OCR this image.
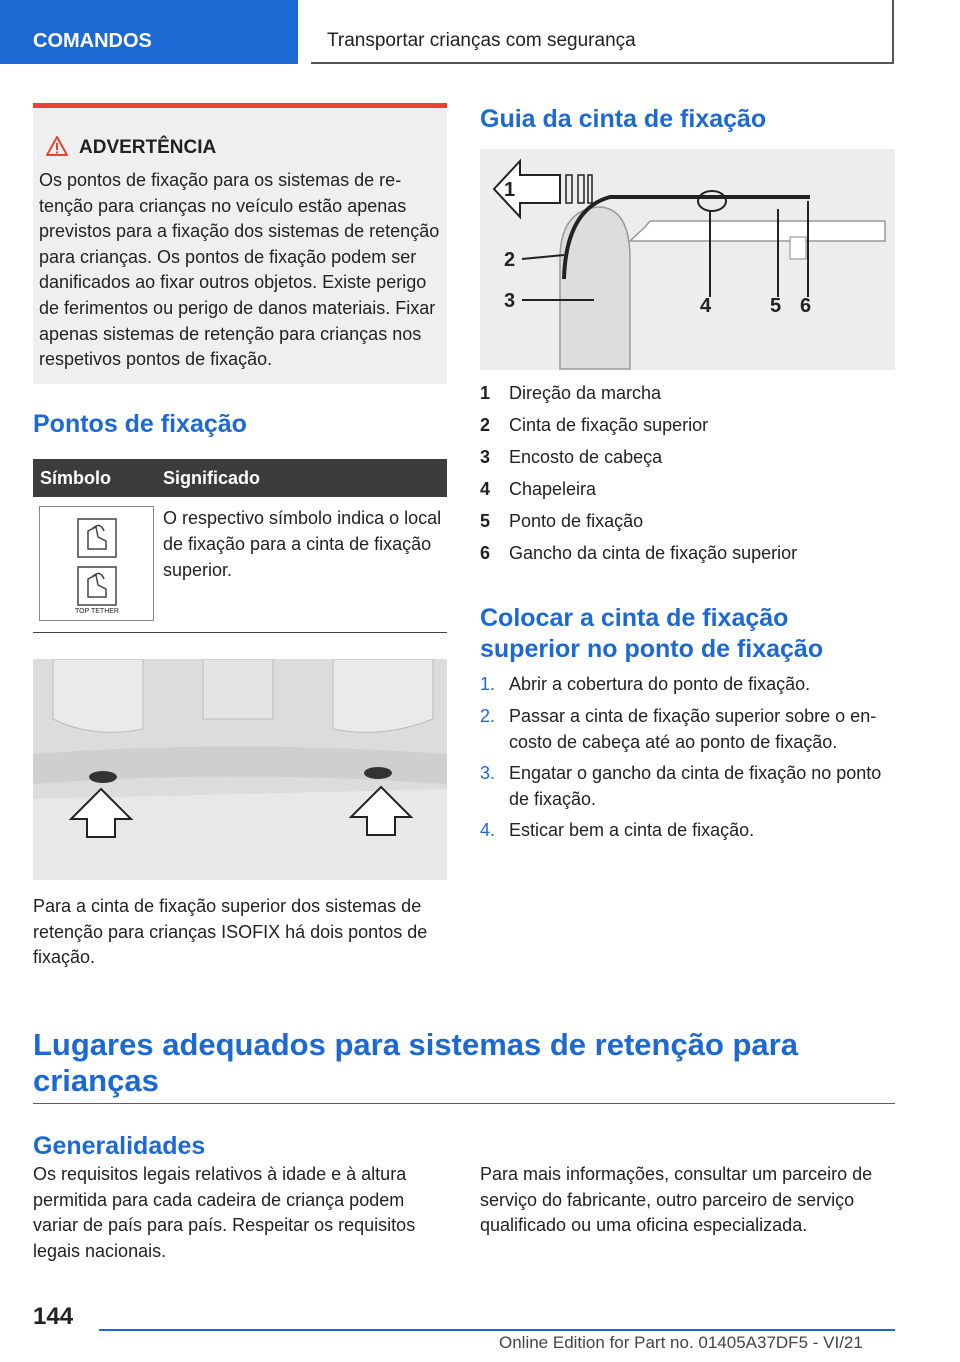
COMANDOS	Transportar crianças com segurança
ADVERTÊNCIA
Os pontos de fixação para os sistemas de retenção para crianças no veículo estão apenas previstos para a fixação dos sistemas de retenção para crianças. Os pontos de fixação podem ser danificados ao fixar outros objetos. Existe perigo de ferimentos ou perigo de danos materiais. Fixar apenas sistemas de retenção para crianças nos respetivos pontos de fixação.
Pontos de fixação
Símbolo	Significado
TOP TETHER
O respectivo símbolo indica o local de fixação para a cinta de fixação superior.
Para a cinta de fixação superior dos sistemas de retenção para crianças ISOFIX há dois pontos de fixação.
Guia da cinta de fixação
1
2
3	4	5 6
1	Direção da marcha
2	Cinta de fixação superior
3	Encosto de cabeça
4	Chapeleira
5	Ponto de fixação
6	Gancho da cinta de fixação superior
Colocar a cinta de fixação
superior no ponto de fixação
1. Abrir a cobertura do ponto de fixação.
2. Passar a cinta de fixação superior sobre o encosto de cabeça até ao ponto de fixação.
3. Engatar o gancho da cinta de fixação no ponto de fixação.
4. Esticar bem a cinta de fixação.
Lugares adequados para sistemas de retenção para
crianças
Generalidades
Os requisitos legais relativos à idade e à altura permitida para cada cadeira de criança podem variar de país para país. Respeitar os requisitos legais nacionais.
Para mais informações, consultar um parceiro de serviço do fabricante, outro parceiro de serviço qualificado ou uma oficina especializada.
144
Online Edition for Part no. 01405A37DF5 - VI/21
